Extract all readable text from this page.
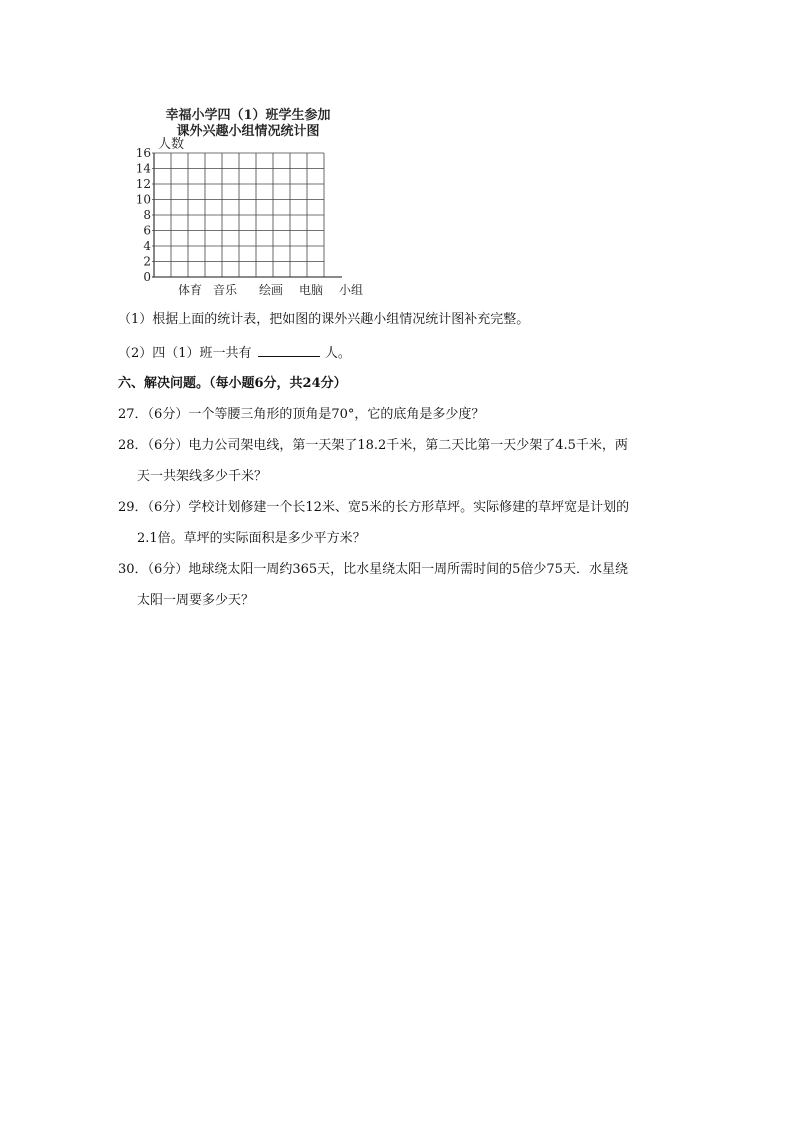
幸福小学四（1）班学生参加
课外兴趣小组情况统计图
0
2
4
6
8
10
12
14
16
体育 音乐 绘画 电脑
人数
小组
（1）根据上面的统计表，把如图的课外兴趣小组情况统计图补充完整。
（2）四（1）班一共有	人。
六、解决问题。（每小题6分，共24分）
27．（6分）一个等腰三角形的顶角是70°，它的底角是多少度？
28．（6分）电力公司架电线，第一天架了18.2千米，第二天比第一天少架了4.5千米，两
天一共架线多少千米？
29．（6分）学校计划修建一个长12米、宽5米的长方形草坪。实际修建的草坪宽是计划的
2.1倍。草坪的实际面积是多少平方米？
30．（6分）地球绕太阳一周约365天，比水星绕太阳一周所需时间的5倍少75天．水星绕
太阳一周要多少天？
